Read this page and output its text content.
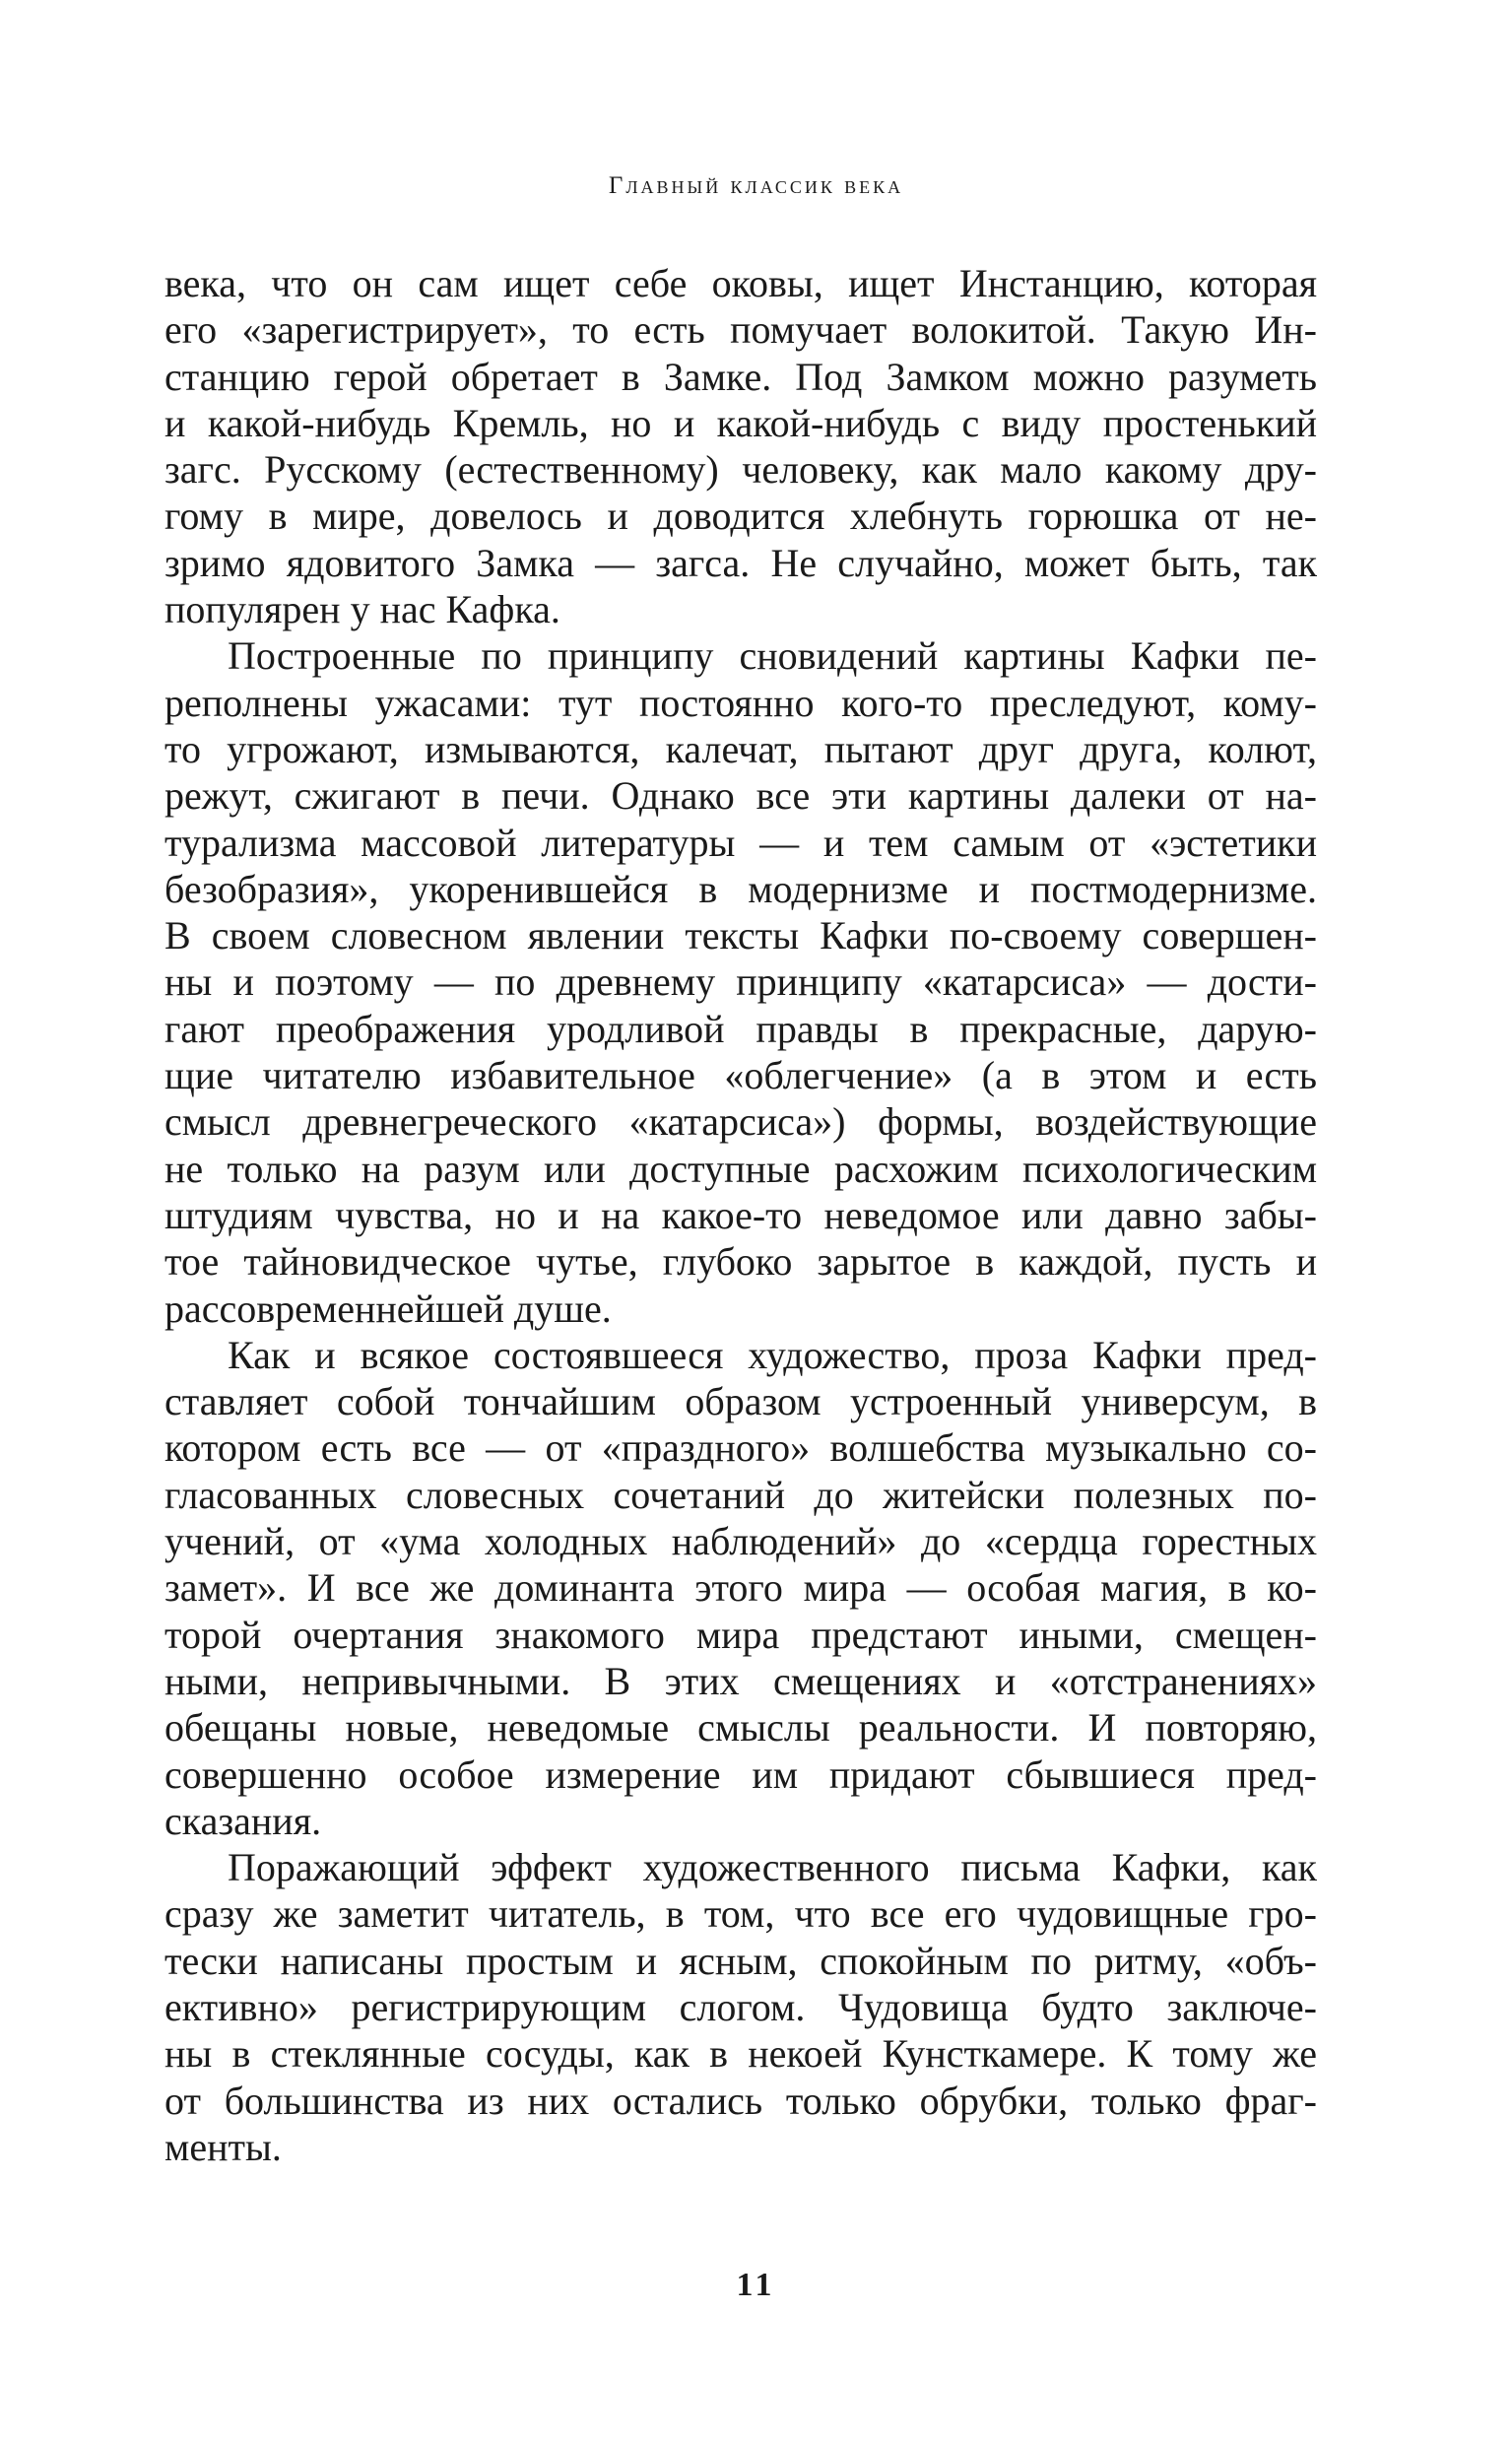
Главный классик века
века, что он сам ищет себе оковы, ищет Инстанцию, которая
его «зарегистрирует», то есть помучает волокитой. Такую Ин-
станцию герой обретает в Замке. Под Замком можно разуметь
и какой-нибудь Кремль, но и какой-нибудь с виду простенький
загс. Русскому (естественному) человеку, как мало какому дру-
гому в мире, довелось и доводится хлебнуть горюшка от не-
зримо ядовитого Замка — загса. Не случайно, может быть, так
популярен у нас Кафка.
Построенные по принципу сновидений картины Кафки пе-
реполнены ужасами: тут постоянно кого-то преследуют, кому-
то угрожают, измываются, калечат, пытают друг друга, колют,
режут, сжигают в печи. Однако все эти картины далеки от на-
турализма массовой литературы — и тем самым от «эстетики
безобразия», укоренившейся в модернизме и постмодернизме.
В своем словесном явлении тексты Кафки по-своему совершен-
ны и поэтому — по древнему принципу «катарсиса» — дости-
гают преображения уродливой правды в прекрасные, дарую-
щие читателю избавительное «облегчение» (а в этом и есть
смысл древнегреческого «катарсиса») формы, воздействующие
не только на разум или доступные расхожим психологическим
штудиям чувства, но и на какое-то неведомое или давно забы-
тое тайновидческое чутье, глубоко зарытое в каждой, пусть и
рассовременнейшей душе.
Как и всякое состоявшееся художество, проза Кафки пред-
ставляет собой тончайшим образом устроенный универсум, в
котором есть все — от «праздного» волшебства музыкально со-
гласованных словесных сочетаний до житейски полезных по-
учений, от «ума холодных наблюдений» до «сердца горестных
замет». И все же доминанта этого мира — особая магия, в ко-
торой очертания знакомого мира предстают иными, смещен-
ными, непривычными. В этих смещениях и «отстранениях»
обещаны новые, неведомые смыслы реальности. И повторяю,
совершенно особое измерение им придают сбывшиеся пред-
сказания.
Поражающий эффект художественного письма Кафки, как
сразу же заметит читатель, в том, что все его чудовищные гро-
тески написаны простым и ясным, спокойным по ритму, «объ-
ективно» регистрирующим слогом. Чудовища будто заключе-
ны в стеклянные сосуды, как в некоей Кунсткамере. К тому же
от большинства из них остались только обрубки, только фраг-
менты.
11
